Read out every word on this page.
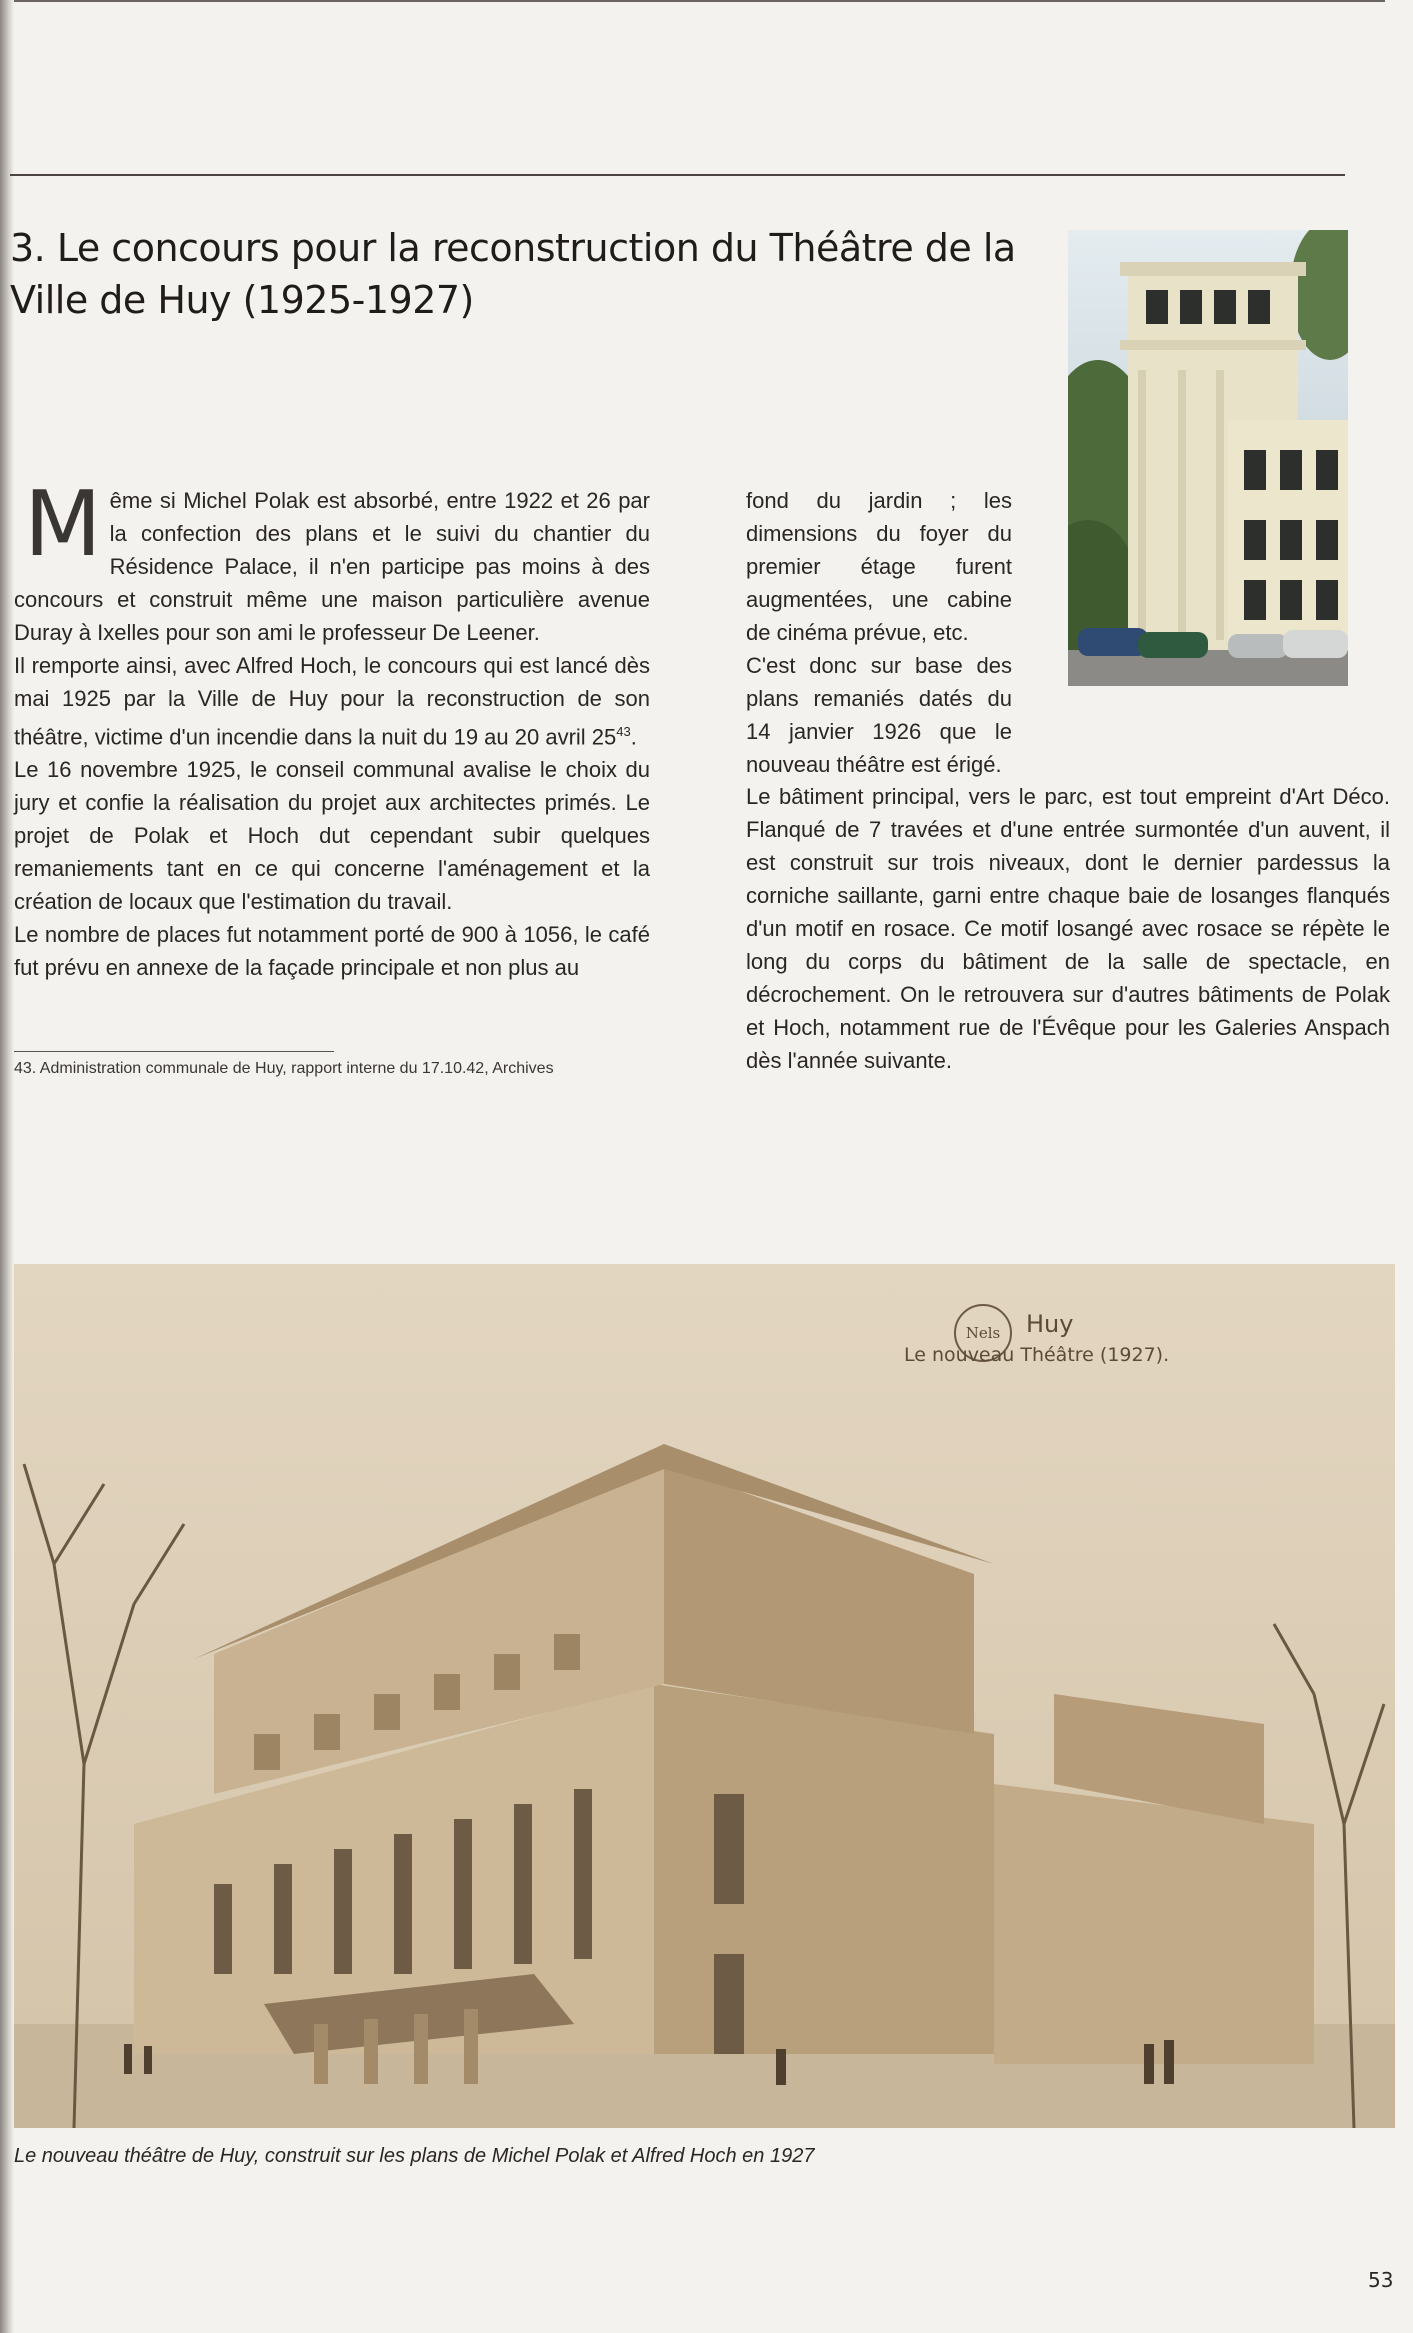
3. Le concours pour la reconstruction du Théâtre de la Ville de Huy (1925-1927)

Même si Michel Polak est absorbé, entre 1922 et 26 par la confection des plans et le suivi du chantier du Résidence Palace, il n'en participe pas moins à des concours et construit même une maison particulière avenue Duray à Ixelles pour son ami le professeur De Leener.

Il remporte ainsi, avec Alfred Hoch, le concours qui est lancé dès mai 1925 par la Ville de Huy pour la reconstruction de son théâtre, victime d'un incendie dans la nuit du 19 au 20 avril $25^{43}$.

Le 16 novembre 1925, le conseil communal avalise le choix du jury et confie la réalisation du projet aux architectes primés. Le projet de Polak et Hoch dut cependant subir quelques remaniements tant en ce qui concerne l'aménagement et la création de locaux que l'estimation du travail.

Le nombre de places fut notamment porté de 900 à 1056, le café fut prévu en annexe de la façade principale et non plus au

fond du jardin ; les dimensions du foyer du premier étage furent augmentées, une cabine de cinéma prévue, etc.

C'est donc sur base des plans remaniés datés du 14 janvier 1926 que le nouveau théâtre est érigé.

Le bâtiment principal, vers le parc, est tout empreint d'Art Déco. Flanqué de 7 travées et d'une entrée surmontée d'un auvent, il est construit sur trois niveaux, dont le dernier pardessus la corniche saillante, garni entre chaque baie de losanges flanqués d'un motif en rosace. Ce motif losangé avec rosace se répète le long du corps du bâtiment de la salle de spectacle, en décrochement. On le retrouvera sur d'autres bâtiments de Polak et Hoch, notamment rue de l'Évêque pour les Galeries Anspach dès l'année suivante.

43. Administration communale de Huy, rapport interne du 17.10.42, Archives
Nels	Huy
Le nouveau Théâtre (1927).
Le nouveau théâtre de Huy, construit sur les plans de Michel Polak et Alfred Hoch en 1927
53
